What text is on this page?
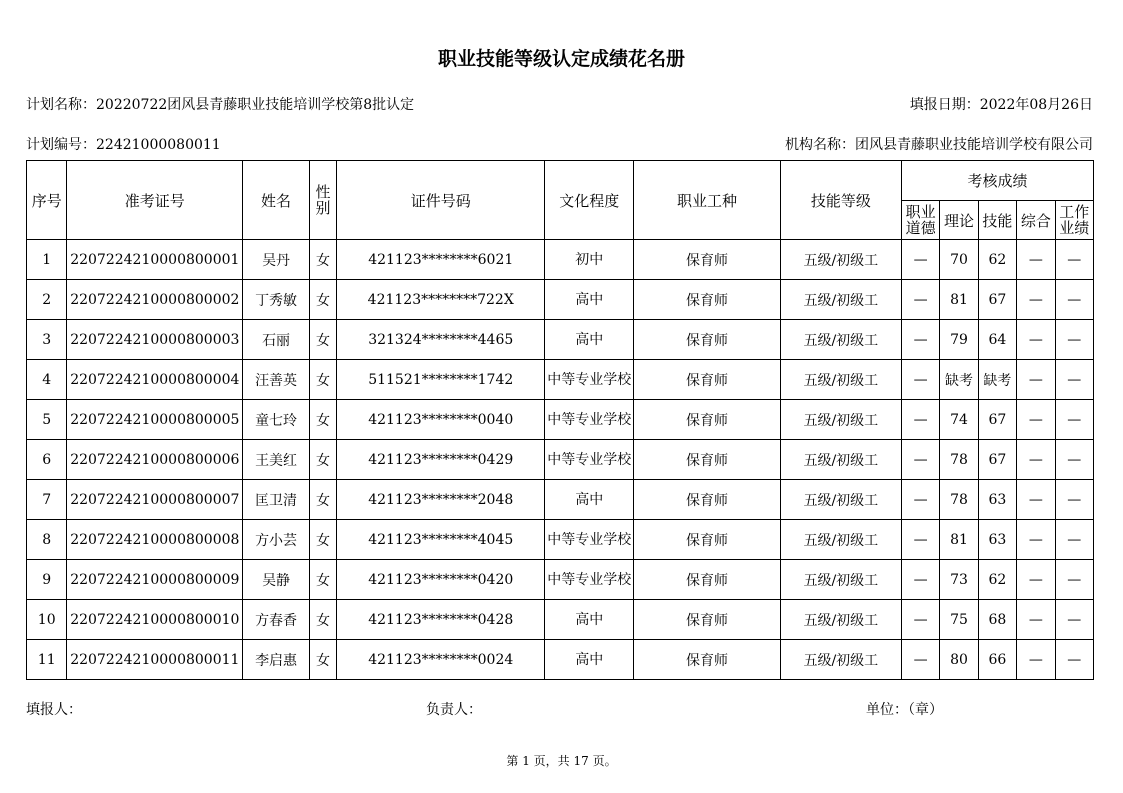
职业技能等级认定成绩花名册
计划名称：20220722团风县青藤职业技能培训学校第8批认定	填报日期：2022年08月26日
计划编号：22421000080011	机构名称：团风县青藤职业技能培训学校有限公司
序号	准考证号	姓名	性别	证件号码	文化程度	职业工种	技能等级	考核成绩				
								职业道德	理论	技能	综合	工作业绩
1	2207224210000800001	吴丹	女	421123********6021	初中	保育师	五级/初级工	—	70	62	—	—
2	2207224210000800002	丁秀敏	女	421123********722X	高中	保育师	五级/初级工	—	81	67	—	—
3	2207224210000800003	石丽	女	321324********4465	高中	保育师	五级/初级工	—	79	64	—	—
4	2207224210000800004	汪善英	女	511521********1742	中等专业学校	保育师	五级/初级工	—	缺考	缺考	—	—
5	2207224210000800005	童七玲	女	421123********0040	中等专业学校	保育师	五级/初级工	—	74	67	—	—
6	2207224210000800006	王美红	女	421123********0429	中等专业学校	保育师	五级/初级工	—	78	67	—	—
7	2207224210000800007	匡卫清	女	421123********2048	高中	保育师	五级/初级工	—	78	63	—	—
8	2207224210000800008	方小芸	女	421123********4045	中等专业学校	保育师	五级/初级工	—	81	63	—	—
9	2207224210000800009	吴静	女	421123********0420	中等专业学校	保育师	五级/初级工	—	73	62	—	—
10	2207224210000800010	方春香	女	421123********0428	高中	保育师	五级/初级工	—	75	68	—	—
11	2207224210000800011	李启惠	女	421123********0024	高中	保育师	五级/初级工	—	80	66	—	—
填报人：	负责人：	单位：（章）
第 1 页，共 17 页。
